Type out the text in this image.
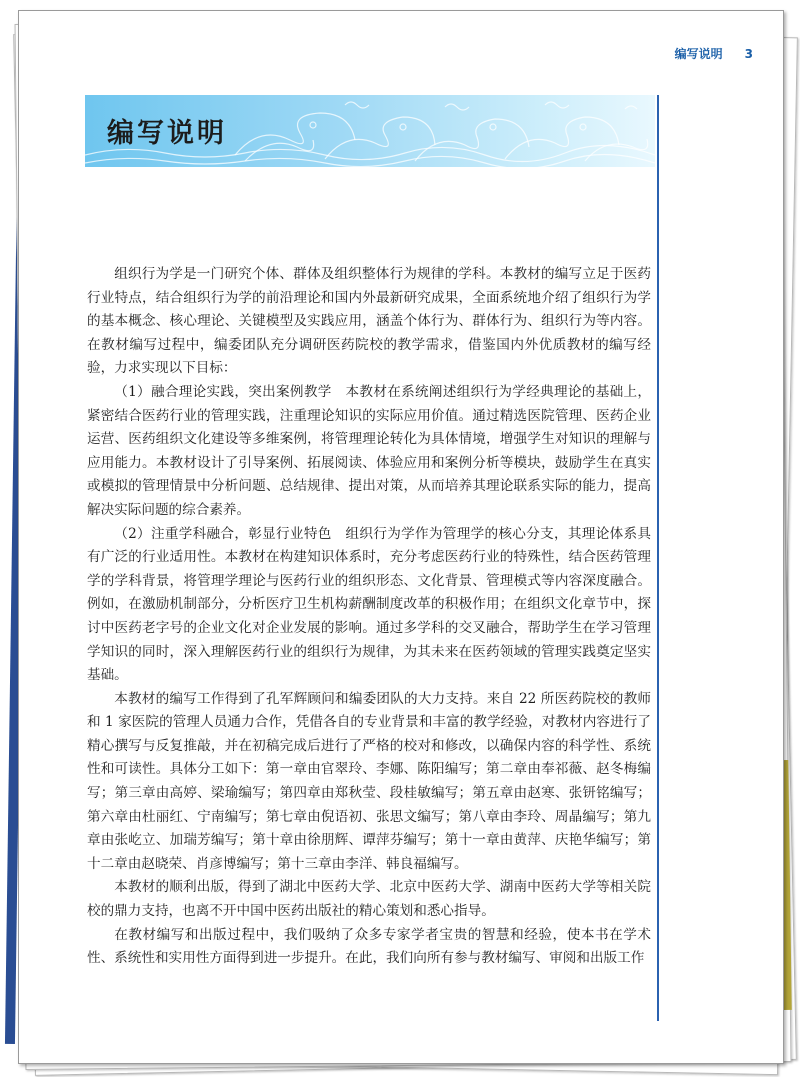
编写说明 3
编写说明

组织行为学是一门研究个体、群体及组织整体行为规律的学科。本教材的编写立足于医药行业特点，结合组织行为学的前沿理论和国内外最新研究成果，全面系统地介绍了组织行为学的基本概念、核心理论、关键模型及实践应用，涵盖个体行为、群体行为、组织行为等内容。在教材编写过程中，编委团队充分调研医药院校的教学需求，借鉴国内外优质教材的编写经验，力求实现以下目标：

（1）融合理论实践，突出案例教学　本教材在系统阐述组织行为学经典理论的基础上，紧密结合医药行业的管理实践，注重理论知识的实际应用价值。通过精选医院管理、医药企业运营、医药组织文化建设等多维案例，将管理理论转化为具体情境，增强学生对知识的理解与应用能力。本教材设计了引导案例、拓展阅读、体验应用和案例分析等模块，鼓励学生在真实或模拟的管理情景中分析问题、总结规律、提出对策，从而培养其理论联系实际的能力，提高解决实际问题的综合素养。

（2）注重学科融合，彰显行业特色　组织行为学作为管理学的核心分支，其理论体系具有广泛的行业适用性。本教材在构建知识体系时，充分考虑医药行业的特殊性，结合医药管理学的学科背景，将管理学理论与医药行业的组织形态、文化背景、管理模式等内容深度融合。例如，在激励机制部分，分析医疗卫生机构薪酬制度改革的积极作用；在组织文化章节中，探讨中医药老字号的企业文化对企业发展的影响。通过多学科的交叉融合，帮助学生在学习管理学知识的同时，深入理解医药行业的组织行为规律，为其未来在医药领域的管理实践奠定坚实基础。

本教材的编写工作得到了孔军辉顾问和编委团队的大力支持。来自 22 所医药院校的教师和 1 家医院的管理人员通力合作，凭借各自的专业背景和丰富的教学经验，对教材内容进行了精心撰写与反复推敲，并在初稿完成后进行了严格的校对和修改，以确保内容的科学性、系统性和可读性。具体分工如下：第一章由官翠玲、李娜、陈阳编写；第二章由奉祁薇、赵冬梅编写；第三章由高婷、梁瑜编写；第四章由郑秋莹、段桂敏编写；第五章由赵寒、张钘铭编写；第六章由杜丽红、宁南编写；第七章由倪语初、张思文编写；第八章由李玲、周晶编写；第九章由张屹立、加瑞芳编写；第十章由徐朋辉、谭萍芬编写；第十一章由黄萍、庆艳华编写；第十二章由赵晓荣、肖彦博编写；第十三章由李洋、韩良福编写。

本教材的顺利出版，得到了湖北中医药大学、北京中医药大学、湖南中医药大学等相关院校的鼎力支持，也离不开中国中医药出版社的精心策划和悉心指导。

在教材编写和出版过程中，我们吸纳了众多专家学者宝贵的智慧和经验，使本书在学术性、系统性和实用性方面得到进一步提升。在此，我们向所有参与教材编写、审阅和出版工作
